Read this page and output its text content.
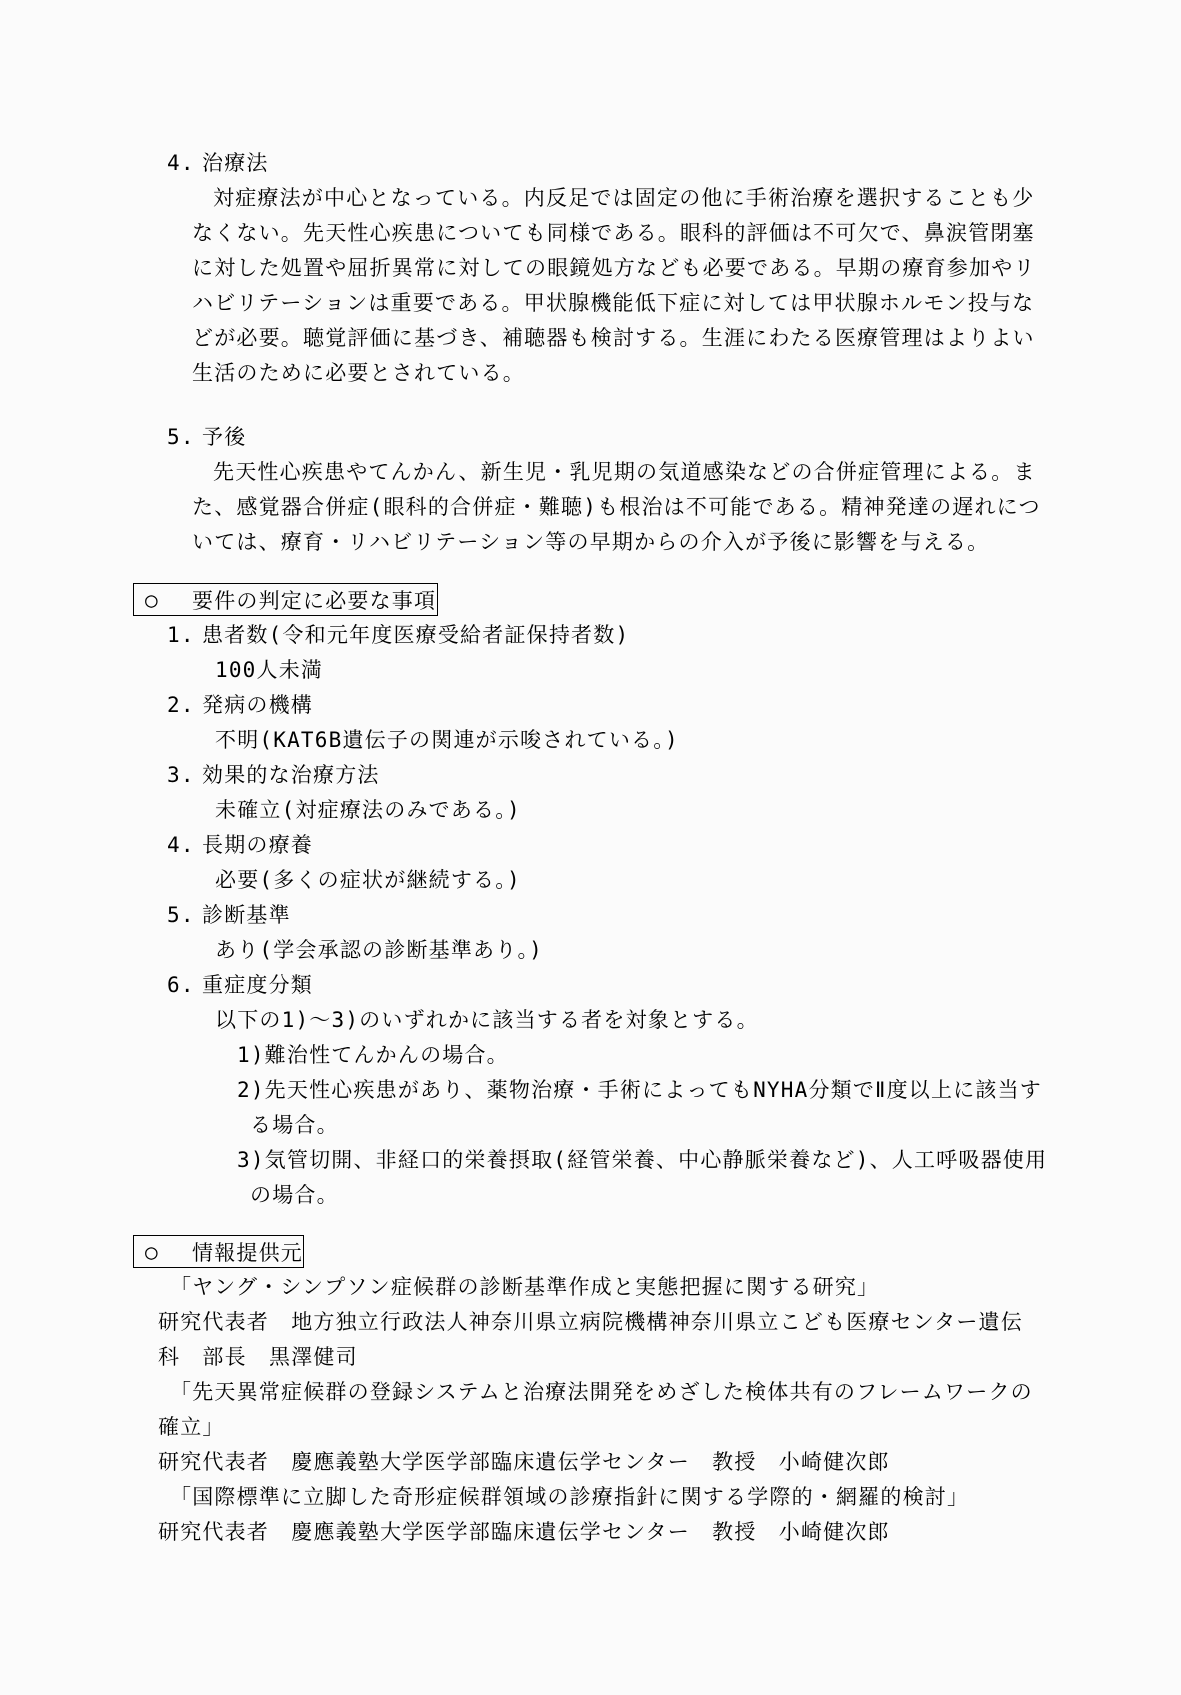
4. 治療法
対症療法が中心となっている。内反足では固定の他に手術治療を選択することも少
なくない。先天性心疾患についても同様である。眼科的評価は不可欠で、鼻涙管閉塞
に対した処置や屈折異常に対しての眼鏡処方なども必要である。早期の療育参加やリ
ハビリテーションは重要である。甲状腺機能低下症に対しては甲状腺ホルモン投与な
どが必要。聴覚評価に基づき、補聴器も検討する。生涯にわたる医療管理はよりよい
生活のために必要とされている。
5. 予後
先天性心疾患やてんかん、新生児・乳児期の気道感染などの合併症管理による。ま
た、感覚器合併症(眼科的合併症・難聴)も根治は不可能である。精神発達の遅れにつ
いては、療育・リハビリテーション等の早期からの介入が予後に影響を与える。
○	要件の判定に必要な事項
1. 患者数(令和元年度医療受給者証保持者数)
100人未満
2. 発病の機構
不明(KAT6B遺伝子の関連が示唆されている。)
3. 効果的な治療方法
未確立(対症療法のみである。)
4. 長期の療養
必要(多くの症状が継続する。)
5. 診断基準
あり(学会承認の診断基準あり。)
6. 重症度分類
以下の1)～3)のいずれかに該当する者を対象とする。
1)難治性てんかんの場合。
2)先天性心疾患があり、薬物治療・手術によってもNYHA分類でⅡ度以上に該当す
る場合。
3)気管切開、非経口的栄養摂取(経管栄養、中心静脈栄養など)、人工呼吸器使用
の場合。
○	情報提供元
「ヤング・シンプソン症候群の診断基準作成と実態把握に関する研究」
研究代表者　地方独立行政法人神奈川県立病院機構神奈川県立こども医療センター遺伝
科　部長　黒澤健司
「先天異常症候群の登録システムと治療法開発をめざした検体共有のフレームワークの
確立」
研究代表者　慶應義塾大学医学部臨床遺伝学センター　教授　小崎健次郎
「国際標準に立脚した奇形症候群領域の診療指針に関する学際的・網羅的検討」
研究代表者　慶應義塾大学医学部臨床遺伝学センター　教授　小崎健次郎
